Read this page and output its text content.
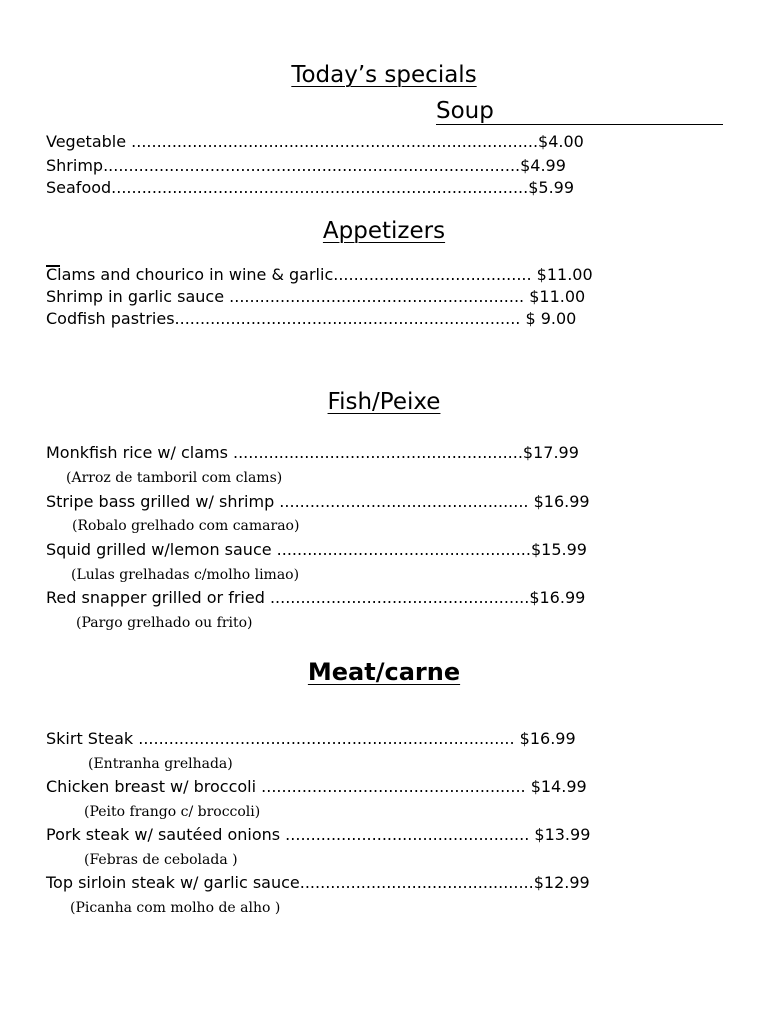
Today’s specials
Soup
Vegetable ................................................................................$4.00
Shrimp..................................................................................$4.99
Seafood..................................................................................$5.99
Appetizers
Clams and chourico in wine & garlic....................................... $11.00
Shrimp in garlic sauce .......................................................... $11.00
Codfish pastries.................................................................... $ 9.00
Fish/Peixe
Monkfish rice w/ clams .........................................................$17.99
(Arroz de tamboril com clams)
Stripe bass grilled w/ shrimp ................................................. $16.99
(Robalo grelhado com camarao)
Squid grilled w/lemon sauce ..................................................$15.99
(Lulas grelhadas c/molho limao)
Red snapper grilled or fried ...................................................$16.99
(Pargo grelhado ou frito)
Meat/carne
Skirt Steak .......................................................................... $16.99
(Entranha grelhada)
Chicken breast w/ broccoli .................................................... $14.99
(Peito frango c/ broccoli)
Pork steak w/ sautéed onions ................................................ $13.99
(Febras de cebolada )
Top sirloin steak w/ garlic sauce..............................................$12.99
(Picanha com molho de alho )
